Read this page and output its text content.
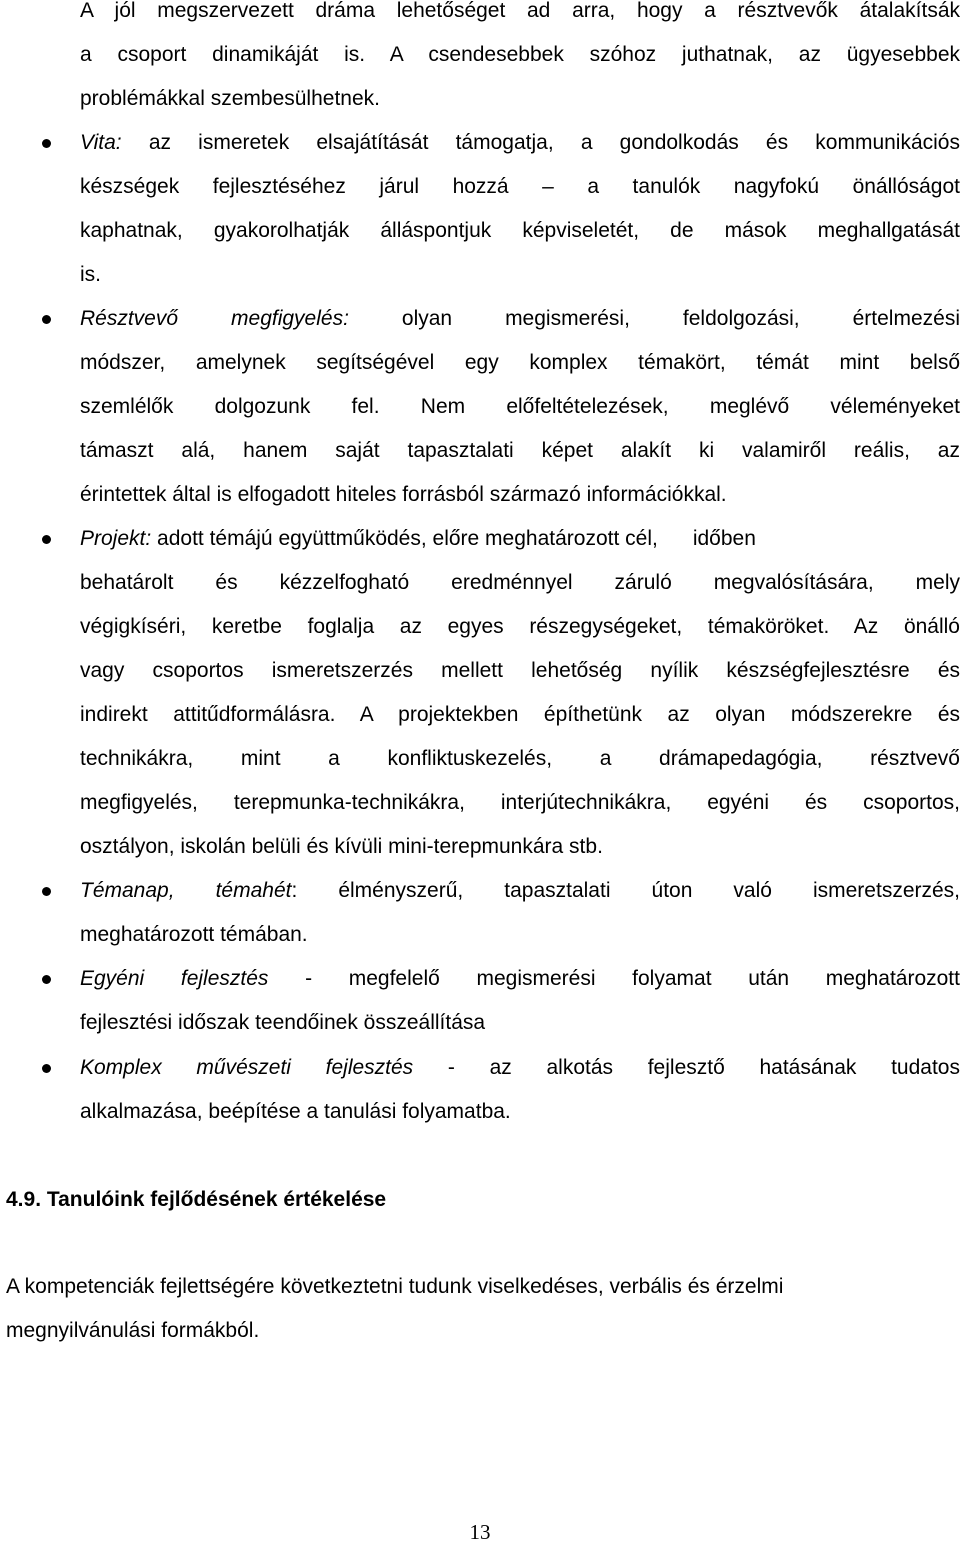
A jól megszervezett dráma lehetőséget ad arra, hogy a résztvevők átalakítsák
a csoport dinamikáját is. A csendesebbek szóhoz juthatnak, az ügyesebbek
problémákkal szembesülhetnek.
Vita: az ismeretek elsajátítását támogatja, a gondolkodás és kommunikációs
készségek fejlesztéséhez járul hozzá – a tanulók nagyfokú önállóságot
kaphatnak, gyakorolhatják álláspontjuk képviseletét, de mások meghallgatását
is.
Résztvevő megfigyelés: olyan megismerési, feldolgozási, értelmezési
módszer, amelynek segítségével egy komplex témakört, témát mint belső
szemlélők dolgozunk fel. Nem előfeltételezések, meglévő véleményeket
támaszt alá, hanem saját tapasztalati képet alakít ki valamiről reális, az
érintettek által is elfogadott hiteles forrásból származó információkkal.
Projekt: adott témájú együttműködés, előre meghatározott cél,      időben
behatárolt és kézzelfogható eredménnyel záruló megvalósítására, mely
végigkíséri, keretbe foglalja az egyes részegységeket, témaköröket. Az önálló
vagy csoportos ismeretszerzés mellett lehetőség nyílik készségfejlesztésre és
indirekt attitűdformálásra. A projektekben építhetünk az olyan módszerekre és
technikákra, mint a konfliktuskezelés, a drámapedagógia, résztvevő
megfigyelés, terepmunka-technikákra, interjútechnikákra, egyéni és csoportos,
osztályon, iskolán belüli és kívüli mini-terepmunkára stb.
Témanap, témahét: élményszerű, tapasztalati úton való ismeretszerzés,
meghatározott témában.
Egyéni fejlesztés - megfelelő megismerési folyamat után meghatározott
fejlesztési időszak teendőinek összeállítása
Komplex művészeti fejlesztés - az alkotás fejlesztő hatásának tudatos
alkalmazása, beépítése a tanulási folyamatba.
4.9. Tanulóink fejlődésének értékelése
A kompetenciák fejlettségére következtetni tudunk viselkedéses, verbális és érzelmi
megnyilvánulási formákból.
13
